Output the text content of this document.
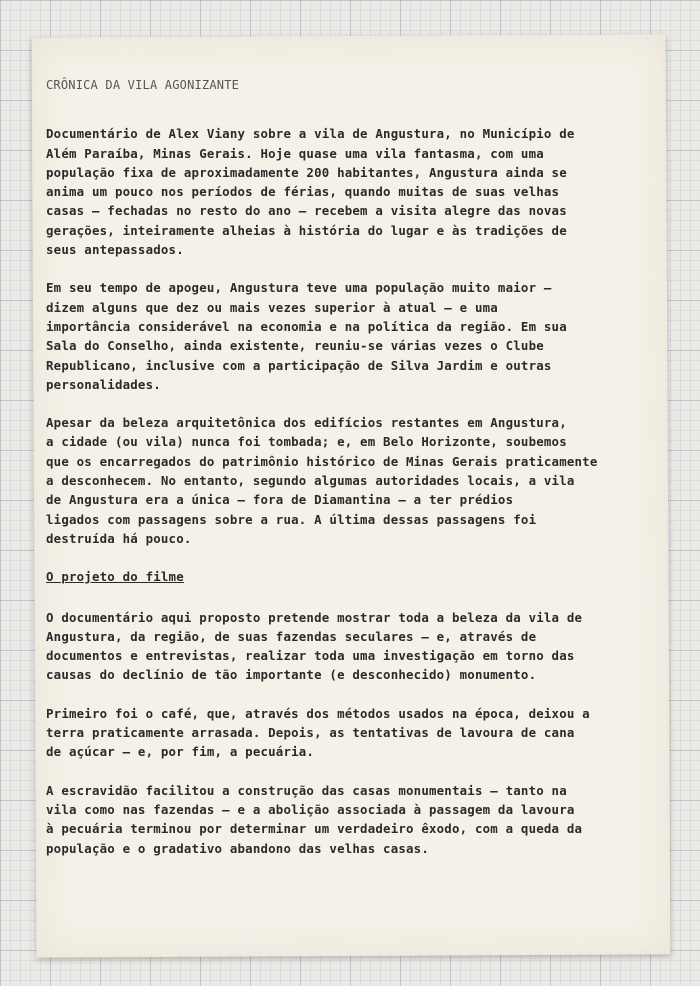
CRÔNICA DA VILA AGONIZANTE
Documentário de Alex Viany sobre a vila de Angustura, no Município de
Além Paraíba, Minas Gerais. Hoje quase uma vila fantasma, com uma
população fixa de aproximadamente 200 habitantes, Angustura ainda se
anima um pouco nos períodos de férias, quando muitas de suas velhas
casas — fechadas no resto do ano — recebem a visita alegre das novas
gerações, inteiramente alheias à história do lugar e às tradições de
seus antepassados.
Em seu tempo de apogeu, Angustura teve uma população muito maior —
dizem alguns que dez ou mais vezes superior à atual — e uma
importância considerável na economia e na política da região. Em sua
Sala do Conselho, ainda existente, reuniu-se várias vezes o Clube
Republicano, inclusive com a participação de Silva Jardim e outras
personalidades.
Apesar da beleza arquitetônica dos edifícios restantes em Angustura,
a cidade (ou vila) nunca foi tombada; e, em Belo Horizonte, soubemos
que os encarregados do patrimônio histórico de Minas Gerais praticamente
a desconhecem. No entanto, segundo algumas autoridades locais, a vila
de Angustura era a única — fora de Diamantina — a ter prédios
ligados com passagens sobre a rua. A última dessas passagens foi
destruída há pouco.
O projeto do filme
O documentário aqui proposto pretende mostrar toda a beleza da vila de
Angustura, da região, de suas fazendas seculares — e, através de
documentos e entrevistas, realizar toda uma investigação em torno das
causas do declínio de tão importante (e desconhecido) monumento.
Primeiro foi o café, que, através dos métodos usados na época, deixou a
terra praticamente arrasada. Depois, as tentativas de lavoura de cana
de açúcar — e, por fim, a pecuária.
A escravidão facilitou a construção das casas monumentais — tanto na
vila como nas fazendas — e a abolição associada à passagem da lavoura
à pecuária terminou por determinar um verdadeiro êxodo, com a queda da
população e o gradativo abandono das velhas casas.
